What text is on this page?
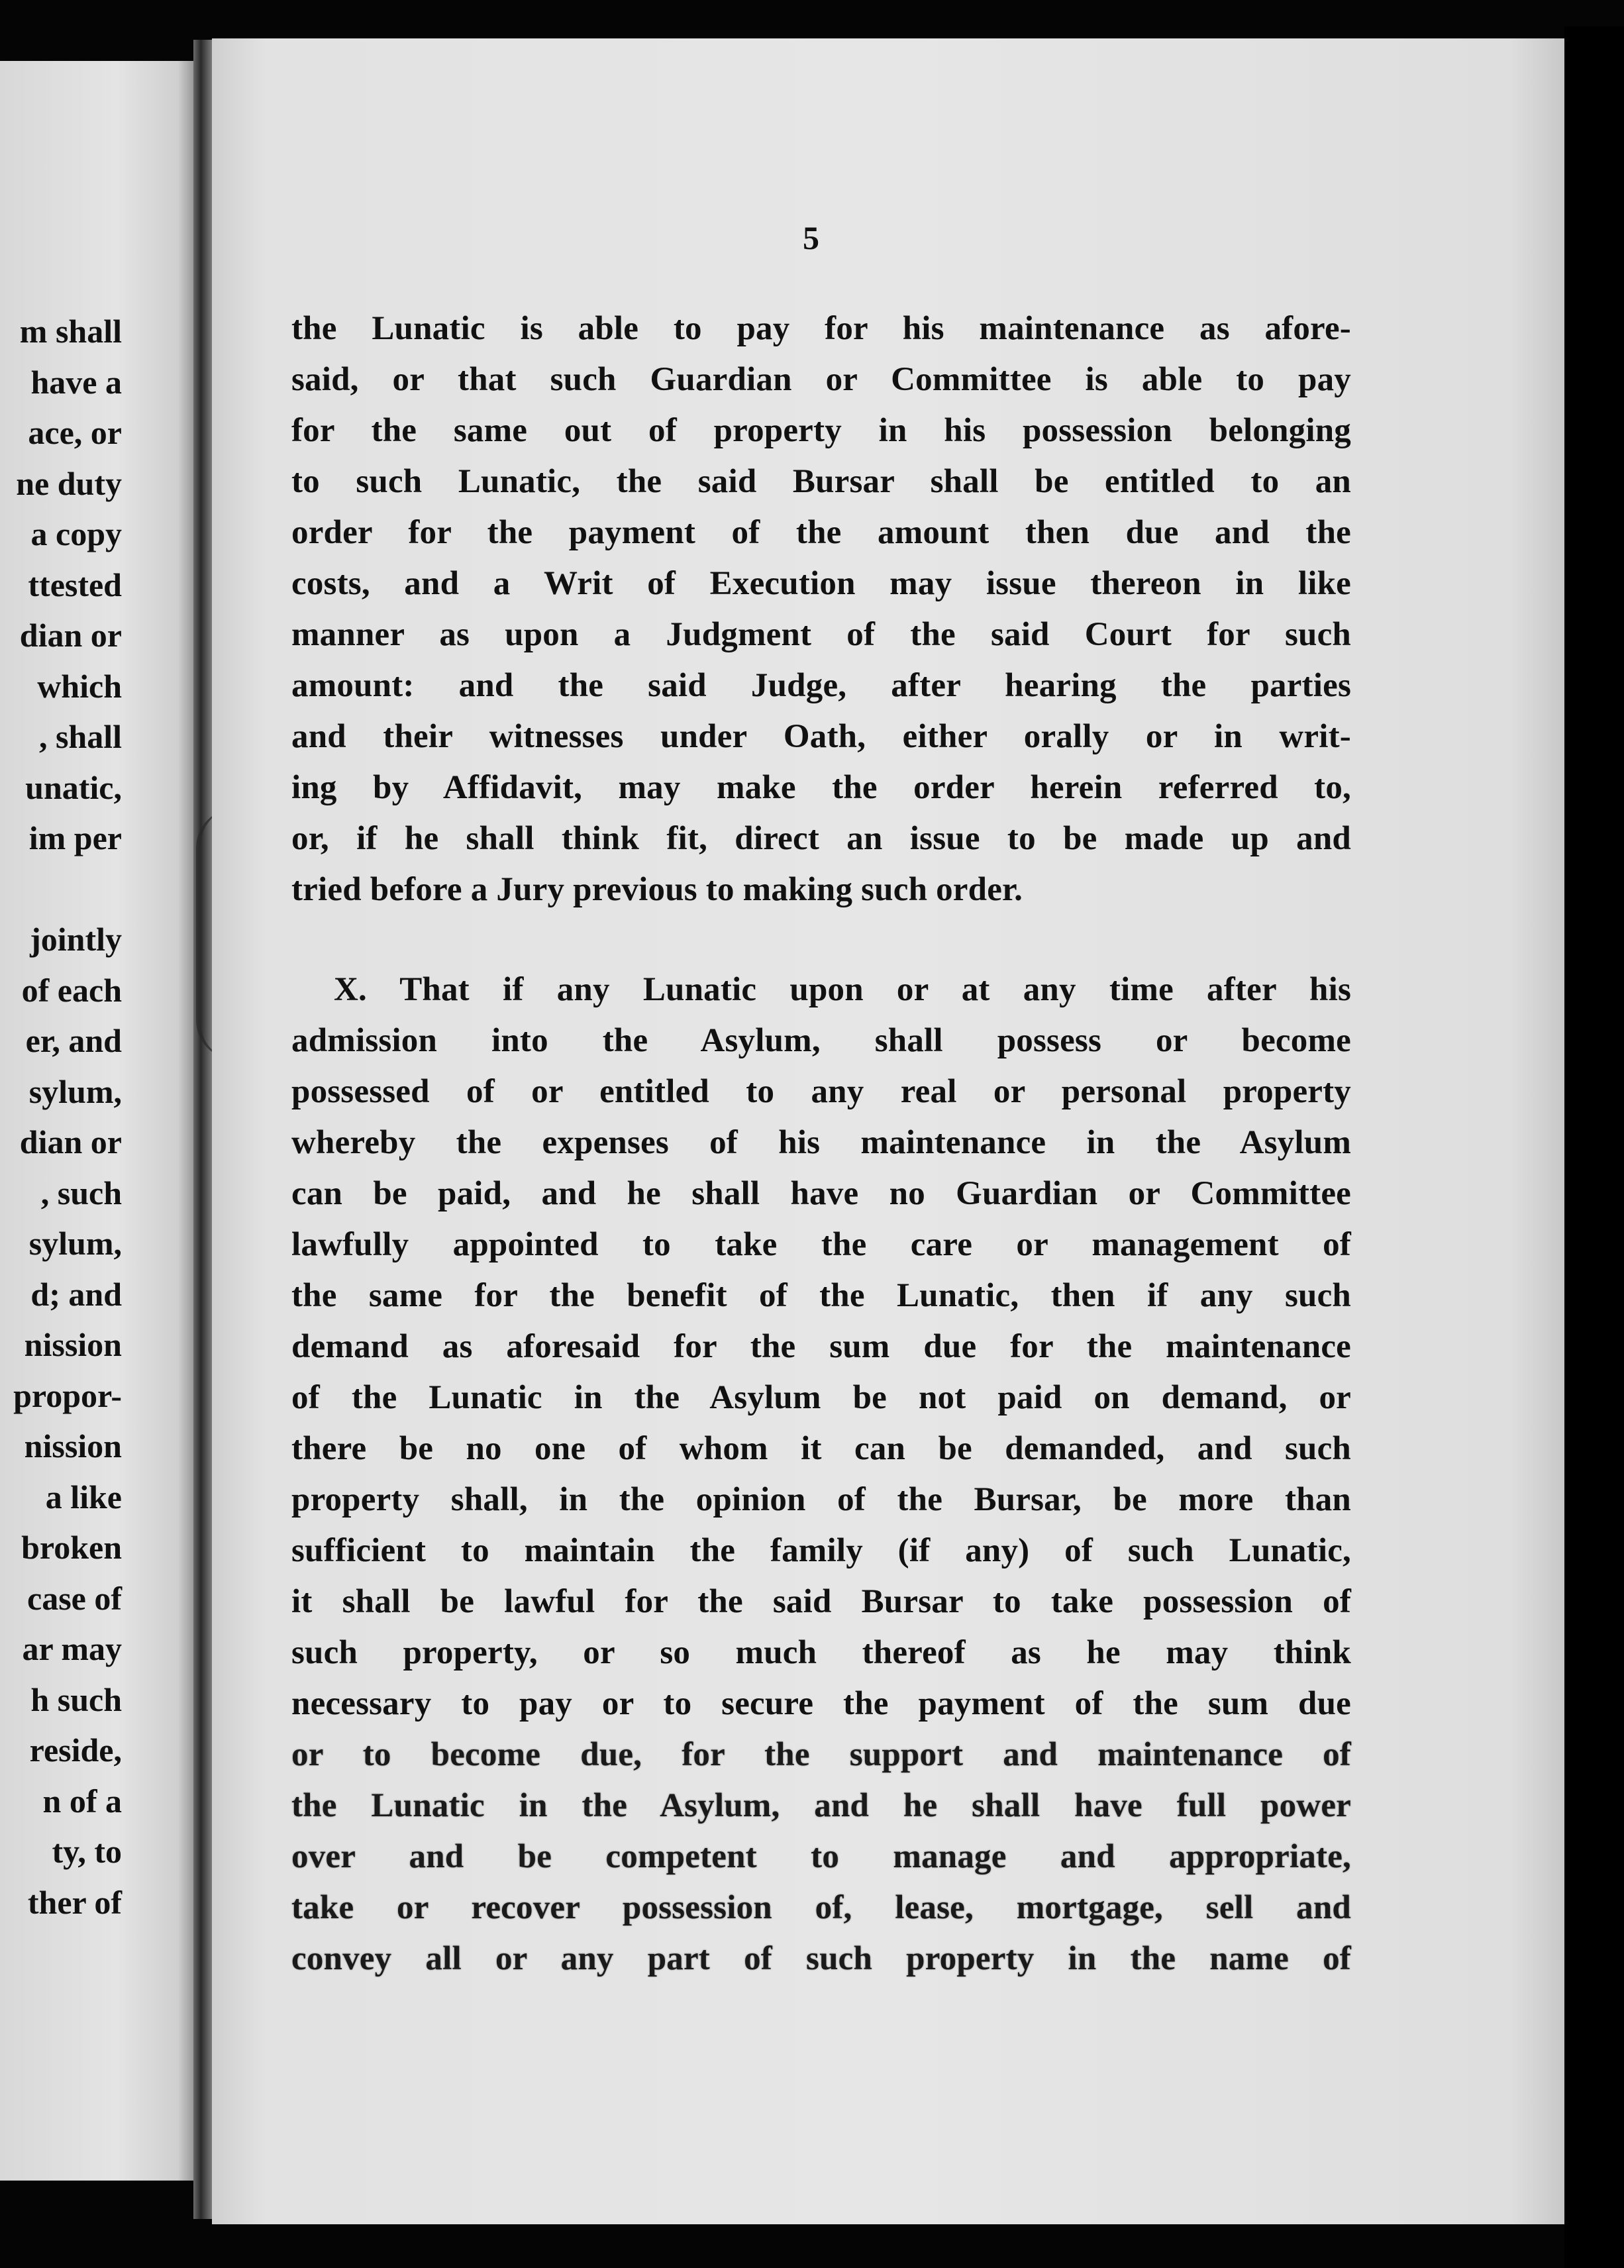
m shall
have a
ace, or
ne duty
a copy
ttested
dian or
which
, shall
unatic,
im per
jointly
of each
er, and
sylum,
dian or
, such
sylum,
d; and
nission
propor-
nission
a like
broken
case of
ar may
h such
reside,
n of a
ty, to
ther of
5
the Lunatic is able to pay for his maintenance as afore-
said, or that such Guardian or Committee is able to pay
for the same out of property in his possession belonging
to such Lunatic, the said Bursar shall be entitled to an
order for the payment of the amount then due and the
costs, and a Writ of Execution may issue thereon in like
manner as upon a Judgment of the said Court for such
amount: and the said Judge, after hearing the parties
and their witnesses under Oath, either orally or in writ-
ing by Affidavit, may make the order herein referred to,
or, if he shall think fit, direct an issue to be made up and
tried before a Jury previous to making such order.
X. That if any Lunatic upon or at any time after his
admission into the Asylum, shall possess or become
possessed of or entitled to any real or personal property
whereby the expenses of his maintenance in the Asylum
can be paid, and he shall have no Guardian or Committee
lawfully appointed to take the care or management of
the same for the benefit of the Lunatic, then if any such
demand as aforesaid for the sum due for the maintenance
of the Lunatic in the Asylum be not paid on demand, or
there be no one of whom it can be demanded, and such
property shall, in the opinion of the Bursar, be more than
sufficient to maintain the family (if any) of such Lunatic,
it shall be lawful for the said Bursar to take possession of
such property, or so much thereof as he may think
necessary to pay or to secure the payment of the sum due
or to become due, for the support and maintenance of
the Lunatic in the Asylum, and he shall have full power
over and be competent to manage and appropriate,
take or recover possession of, lease, mortgage, sell and
convey all or any part of such property in the name of
